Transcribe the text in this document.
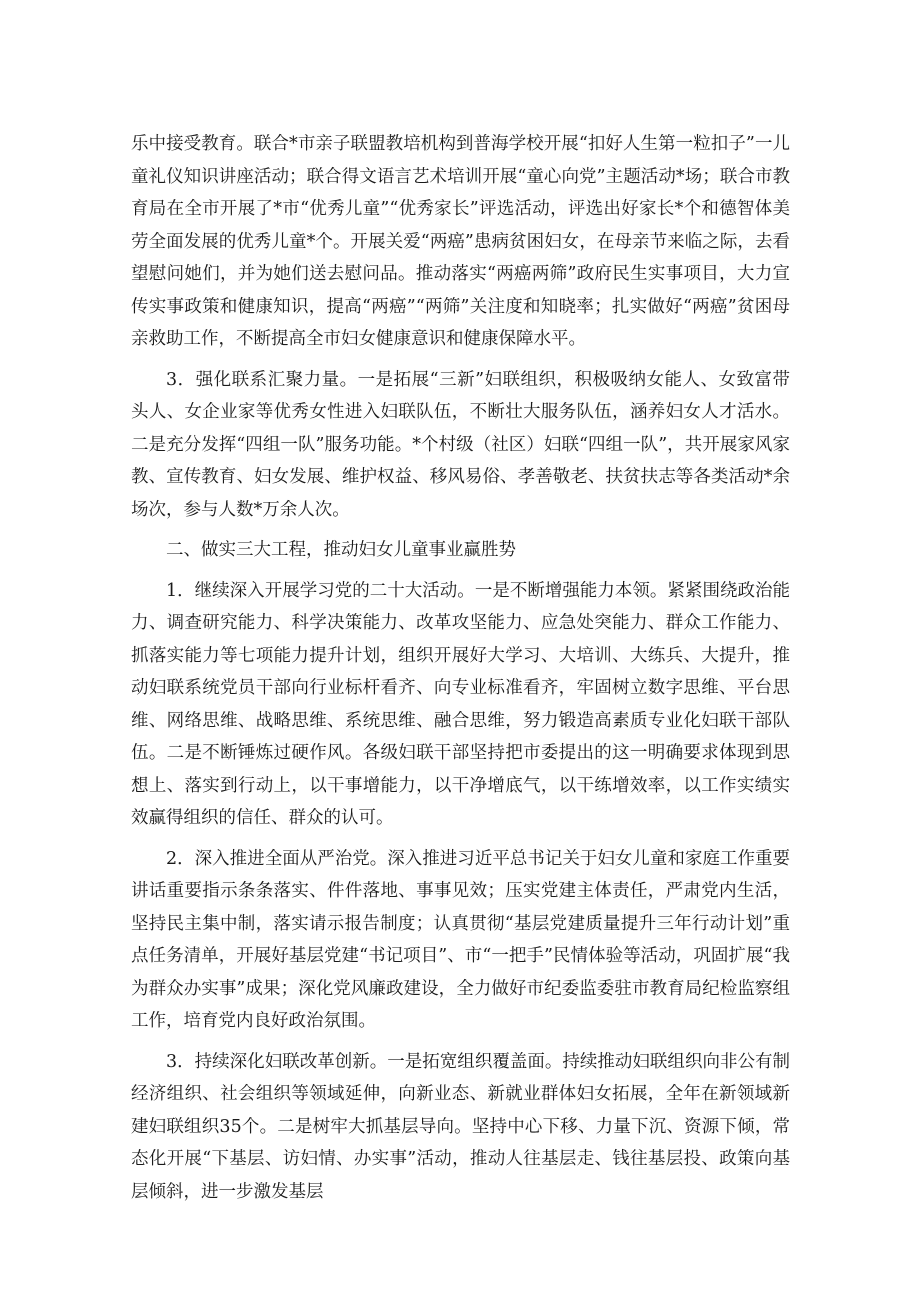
乐中接受教育。联合*市亲子联盟教培机构到普海学校开展“扣好人生第一粒扣子”一儿童礼仪知识讲座活动；联合得文语言艺术培训开展“童心向党”主题活动*场；联合市教育局在全市开展了*市“优秀儿童”“优秀家长”评选活动，评选出好家长*个和德智体美劳全面发展的优秀儿童*个。开展关爱“两癌”患病贫困妇女，在母亲节来临之际，去看望慰问她们，并为她们送去慰问品。推动落实“两癌两筛”政府民生实事项目，大力宣传实事政策和健康知识，提高“两癌”“两筛”关注度和知晓率；扎实做好“两癌”贫困母亲救助工作，不断提高全市妇女健康意识和健康保障水平。

3．强化联系汇聚力量。一是拓展“三新”妇联组织，积极吸纳女能人、女致富带头人、女企业家等优秀女性进入妇联队伍，不断壮大服务队伍，涵养妇女人才活水。二是充分发挥“四组一队”服务功能。*个村级（社区）妇联“四组一队”，共开展家风家教、宣传教育、妇女发展、维护权益、移风易俗、孝善敬老、扶贫扶志等各类活动*余场次，参与人数*万余人次。

二、做实三大工程，推动妇女儿童事业赢胜势

1．继续深入开展学习党的二十大活动。一是不断增强能力本领。紧紧围绕政治能力、调查研究能力、科学决策能力、改革攻坚能力、应急处突能力、群众工作能力、抓落实能力等七项能力提升计划，组织开展好大学习、大培训、大练兵、大提升，推动妇联系统党员干部向行业标杆看齐、向专业标准看齐，牢固树立数字思维、平台思维、网络思维、战略思维、系统思维、融合思维，努力锻造高素质专业化妇联干部队伍。二是不断锤炼过硬作风。各级妇联干部坚持把市委提出的这一明确要求体现到思想上、落实到行动上，以干事增能力，以干净增底气，以干练增效率，以工作实绩实效赢得组织的信任、群众的认可。

2．深入推进全面从严治党。深入推进习近平总书记关于妇女儿童和家庭工作重要讲话重要指示条条落实、件件落地、事事见效；压实党建主体责任，严肃党内生活，坚持民主集中制，落实请示报告制度；认真贯彻“基层党建质量提升三年行动计划”重点任务清单，开展好基层党建“书记项目”、市“一把手”民情体验等活动，巩固扩展“我为群众办实事”成果；深化党风廉政建设，全力做好市纪委监委驻市教育局纪检监察组工作，培育党内良好政治氛围。

3．持续深化妇联改革创新。一是拓宽组织覆盖面。持续推动妇联组织向非公有制经济组织、社会组织等领域延伸，向新业态、新就业群体妇女拓展，全年在新领域新建妇联组织35个。二是树牢大抓基层导向。坚持中心下移、力量下沉、资源下倾，常态化开展“下基层、访妇情、办实事”活动，推动人往基层走、钱往基层投、政策向基层倾斜，进一步激发基层
